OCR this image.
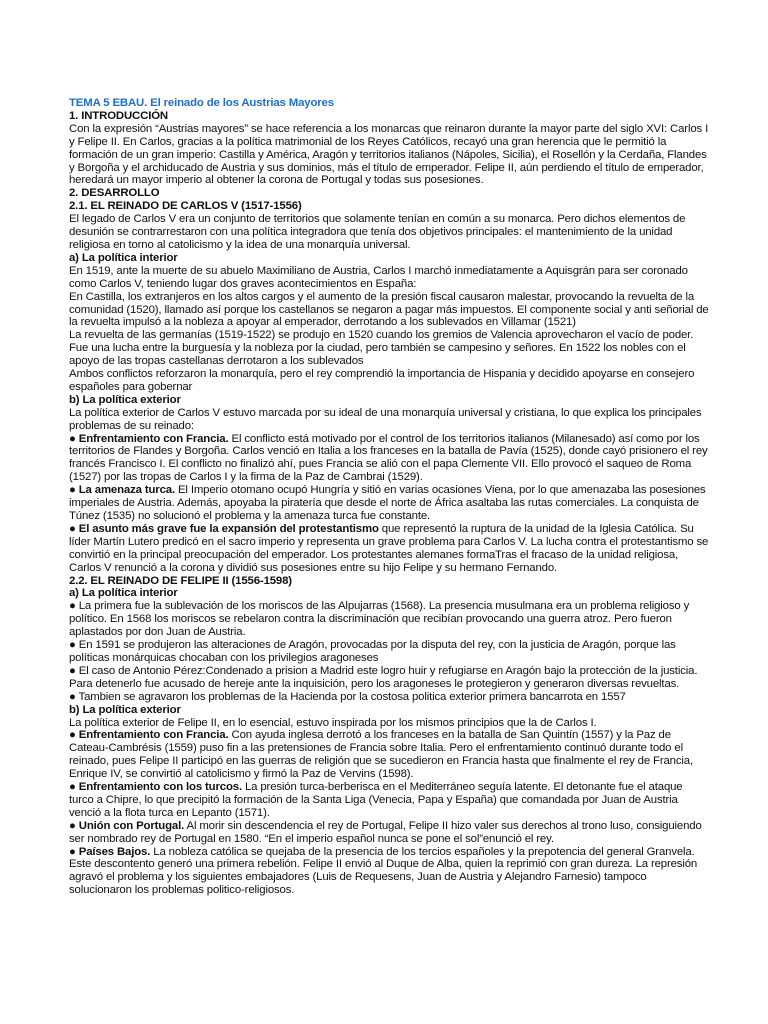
TEMA 5 EBAU. El reinado de los Austrias Mayores

1. INTRODUCCIÓN

Con la expresión “Austrias mayores” se hace referencia a los monarcas que reinaron durante la mayor parte del siglo XVI: Carlos I y Felipe II. En Carlos, gracias a la política matrimonial de los Reyes Católicos, recayó una gran herencia que le permitió la formación de un gran imperio: Castilla y América, Aragón y territorios italianos (Nápoles, Sicilia), el Rosellón y la Cerdaña, Flandes y Borgoña y el archiducado de Austria y sus dominios, más el título de emperador. Felipe II, aún perdiendo el título de emperador, heredará un mayor imperio al obtener la corona de Portugal y todas sus posesiones.

2. DESARROLLO

2.1. EL REINADO DE CARLOS V (1517-1556)

El legado de Carlos V era un conjunto de territorios que solamente tenían en común a su monarca. Pero dichos elementos de desunión se contrarrestaron con una política integradora que tenía dos objetivos principales: el mantenimiento de la unidad religiosa en torno al catolicismo y la idea de una monarquía universal.

a) La política interior

En 1519, ante la muerte de su abuelo Maximiliano de Austria, Carlos I marchó inmediatamente a Aquisgrán para ser coronado como Carlos V, teniendo lugar dos graves acontecimientos en España:

En Castilla, los extranjeros en los altos cargos y el aumento de la presión fiscal causaron malestar, provocando la revuelta de la comunidad (1520), llamado así porque los castellanos se negaron a pagar más impuestos. El componente social y anti señorial de la revuelta impulsó a la nobleza a apoyar al emperador, derrotando a los sublevados en Villamar (1521)

La revuelta de las germanías (1519-1522) se produjo en 1520 cuando los gremios de Valencia aprovecharon el vacío de poder. Fue una lucha entre la burguesía y la nobleza por la ciudad, pero también se campesino y señores. En 1522 los nobles con el apoyo de las tropas castellanas derrotaron a los sublevados

Ambos conflictos reforzaron la monarquía, pero el rey comprendió la importancia de Hispania y decidido apoyarse en consejero españoles para gobernar

b) La política exterior

La política exterior de Carlos V estuvo marcada por su ideal de una monarquía universal y cristiana, lo que explica los principales problemas de su reinado:

● Enfrentamiento con Francia. El conflicto está motivado por el control de los territorios italianos (Milanesado) así como por los territorios de Flandes y Borgoña. Carlos venció en Italia a los franceses en la batalla de Pavía (1525), donde cayó prisionero el rey francés Francisco I. El conflicto no finalizó ahí, pues Francia se alió con el papa Clemente VII. Ello provocó el saqueo de Roma (1527) por las tropas de Carlos I y la firma de la Paz de Cambrai (1529).

● La amenaza turca. El Imperio otomano ocupó Hungría y sitió en varias ocasiones Viena, por lo que amenazaba las posesiones imperiales de Austria. Además, apoyaba la piratería que desde el norte de África asaltaba las rutas comerciales. La conquista de Túnez (1535) no solucionó el problema y la amenaza turca fue constante.

● El asunto más grave fue la expansión del protestantismo que representó la ruptura de la unidad de la Iglesia Católica. Su líder Martín Lutero predicó en el sacro imperio y representa un grave problema para Carlos V. La lucha contra el protestantismo se convirtió en la principal preocupación del emperador. Los protestantes alemanes formaTras el fracaso de la unidad religiosa, Carlos V renunció a la corona y dividió sus posesiones entre su hijo Felipe y su hermano Fernando.

2.2. EL REINADO DE FELIPE II (1556-1598)

a) La política interior

● La primera fue la sublevación de los moriscos de las Alpujarras (1568). La presencia musulmana era un problema religioso y político. En 1568 los moriscos se rebelaron contra la discriminación que recibían provocando una guerra atroz. Pero fueron aplastados por don Juan de Austria.

● En 1591 se produjeron las alteraciones de Aragón, provocadas por la disputa del rey, con la justicia de Aragón, porque las políticas monárquicas chocaban con los privilegios aragoneses

● El caso de Antonio Pérez:Condenado a prision a Madrid este logro huir y refugiarse en Aragón bajo la protección de la justicia. Para detenerlo fue acusado de hereje ante la inquisición, pero los aragoneses le protegieron y generaron diversas revueltas.

● Tambien se agravaron los problemas de la Hacienda por la costosa politica exterior primera bancarrota en 1557

b) La política exterior

La política exterior de Felipe II, en lo esencial, estuvo inspirada por los mismos principios que la de Carlos I.

● Enfrentamiento con Francia. Con ayuda inglesa derrotó a los franceses en la batalla de San Quintín (1557) y la Paz de Cateau-Cambrésis (1559) puso fin a las pretensiones de Francia sobre Italia. Pero el enfrentamiento continuó durante todo el reinado, pues Felipe II participó en las guerras de religión que se sucedieron en Francia hasta que finalmente el rey de Francia, Enrique IV, se convirtió al catolicismo y firmó la Paz de Vervins (1598).

● Enfrentamiento con los turcos. La presión turca-berberisca en el Mediterráneo seguía latente. El detonante fue el ataque turco a Chipre, lo que precipitó la formación de la Santa Liga (Venecia, Papa y España) que comandada por Juan de Austria venció a la flota turca en Lepanto (1571).

● Unión con Portugal. Al morir sin descendencia el rey de Portugal, Felipe II hizo valer sus derechos al trono luso, consiguiendo ser nombrado rey de Portugal en 1580. “En el imperio español nunca se pone el sol”enunció el rey.

● Países Bajos. La nobleza católica se quejaba de la presencia de los tercios españoles y la prepotencia del general Granvela. Este descontento generó una primera rebelión. Felipe II envió al Duque de Alba, quien la reprimió con gran dureza. La represión agravó el problema y los siguientes embajadores (Luis de Requesens, Juan de Austria y Alejandro Farnesio) tampoco solucionaron los problemas politico-religiosos.
